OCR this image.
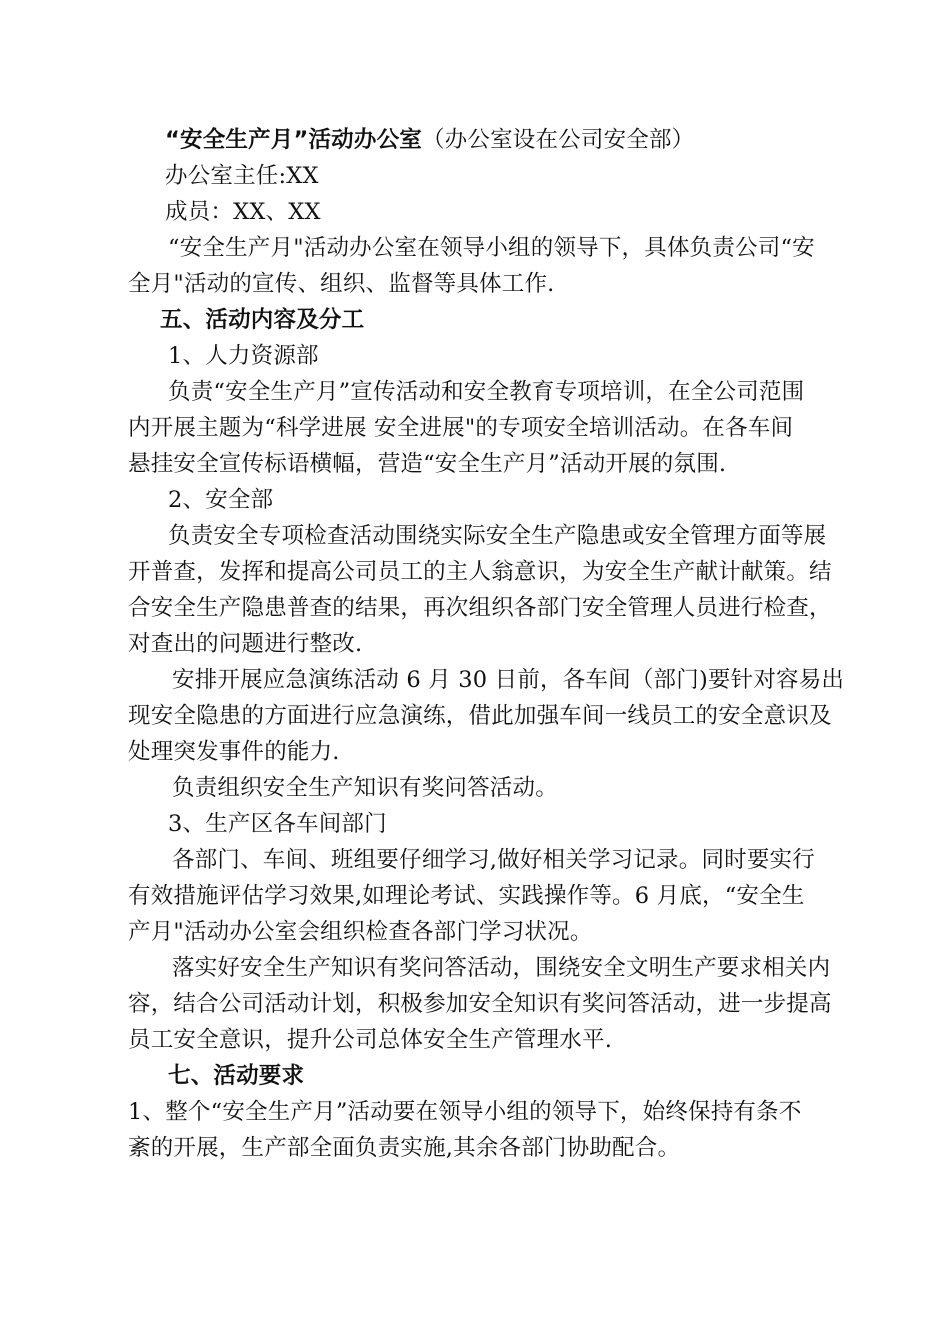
“安全生产月”活动办公室（办公室设在公司安全部）

办公室主任:XX

成员：XX、XX

“安全生产月"活动办公室在领导小组的领导下，具体负责公司“安

全月"活动的宣传、组织、监督等具体工作.

五、活动内容及分工

1、人力资源部

负责“安全生产月”宣传活动和安全教育专项培训，在全公司范围

内开展主题为“科学进展 安全进展"的专项安全培训活动。在各车间

悬挂安全宣传标语横幅，营造“安全生产月”活动开展的氛围.

2、安全部

负责安全专项检查活动围绕实际安全生产隐患或安全管理方面等展

开普查，发挥和提高公司员工的主人翁意识，为安全生产献计献策。结

合安全生产隐患普查的结果，再次组织各部门安全管理人员进行检查，

对查出的问题进行整改.

安排开展应急演练活动 6 月 30 日前，各车间（部门)要针对容易出

现安全隐患的方面进行应急演练，借此加强车间一线员工的安全意识及

处理突发事件的能力.

负责组织安全生产知识有奖问答活动。

3、生产区各车间部门

各部门、车间、班组要仔细学习,做好相关学习记录。同时要实行

有效措施评估学习效果,如理论考试、实践操作等。6 月底，“安全生

产月"活动办公室会组织检查各部门学习状况。

落实好安全生产知识有奖问答活动，围绕安全文明生产要求相关内

容，结合公司活动计划，积极参加安全知识有奖问答活动，进一步提高

员工安全意识，提升公司总体安全生产管理水平.

七、活动要求

1、整个“安全生产月”活动要在领导小组的领导下，始终保持有条不

紊的开展，生产部全面负责实施,其余各部门协助配合。
